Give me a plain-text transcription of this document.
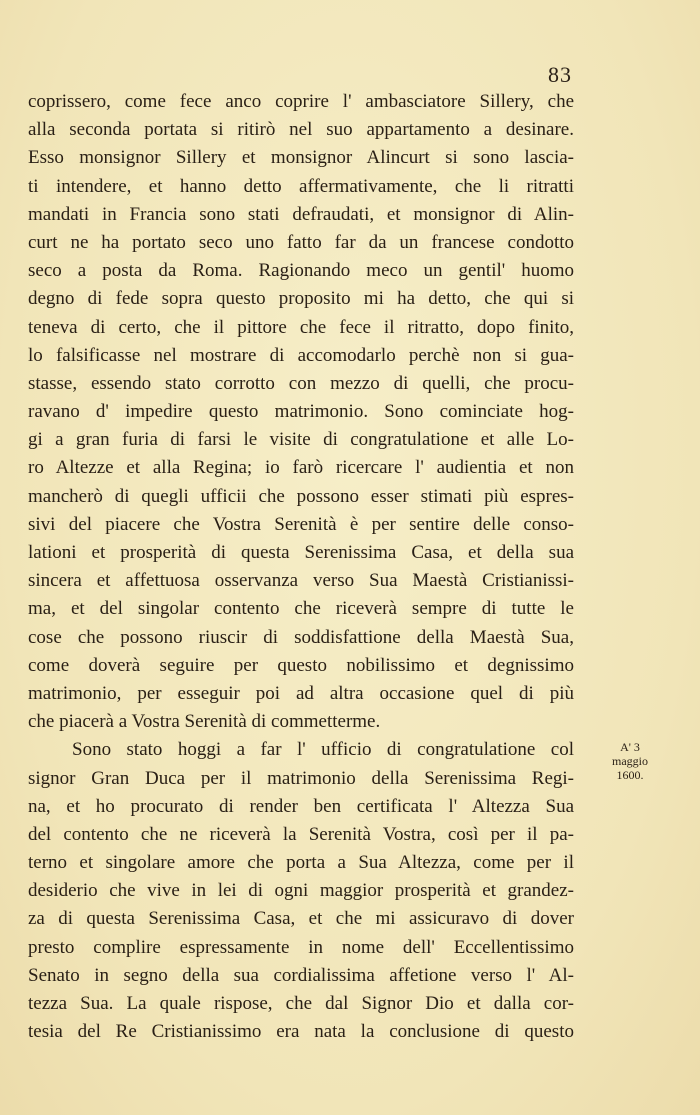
83
coprissero, come fece anco coprire l' ambasciatore Sillery, che
alla seconda portata si ritirò nel suo appartamento a desinare.
Esso monsignor Sillery et monsignor Alincurt si sono lascia-
ti intendere, et hanno detto affermativamente, che li ritratti
mandati in Francia sono stati defraudati, et monsignor di Alin-
curt ne ha portato seco uno fatto far da un francese condotto
seco a posta da Roma. Ragionando meco un gentil' huomo
degno di fede sopra questo proposito mi ha detto, che qui si
teneva di certo, che il pittore che fece il ritratto, dopo finito,
lo falsificasse nel mostrare di accomodarlo perchè non si gua-
stasse, essendo stato corrotto con mezzo di quelli, che procu-
ravano d' impedire questo matrimonio. Sono cominciate hog-
gi a gran furia di farsi le visite di congratulatione et alle Lo-
ro Altezze et alla Regina; io farò ricercare l' audientia et non
mancherò di quegli ufficii che possono esser stimati più espres-
sivi del piacere che Vostra Serenità è per sentire delle conso-
lationi et prosperità di questa Serenissima Casa, et della sua
sincera et affettuosa osservanza verso Sua Maestà Cristianissi-
ma, et del singolar contento che riceverà sempre di tutte le
cose che possono riuscir di soddisfattione della Maestà Sua,
come doverà seguire per questo nobilissimo et degnissimo
matrimonio, per esseguir poi ad altra occasione quel di più
che piacerà a Vostra Serenità di commetterme.
Sono stato hoggi a far l' ufficio di congratulatione col
signor Gran Duca per il matrimonio della Serenissima Regi-
na, et ho procurato di render ben certificata l' Altezza Sua
del contento che ne riceverà la Serenità Vostra, così per il pa-
terno et singolare amore che porta a Sua Altezza, come per il
desiderio che vive in lei di ogni maggior prosperità et grandez-
za di questa Serenissima Casa, et che mi assicuravo di dover
presto complire espressamente in nome dell' Eccellentissimo
Senato in segno della sua cordialissima affetione verso l' Al-
tezza Sua. La quale rispose, che dal Signor Dio et dalla cor-
tesia del Re Cristianissimo era nata la conclusione di questo
A' 3
maggio
1600.
